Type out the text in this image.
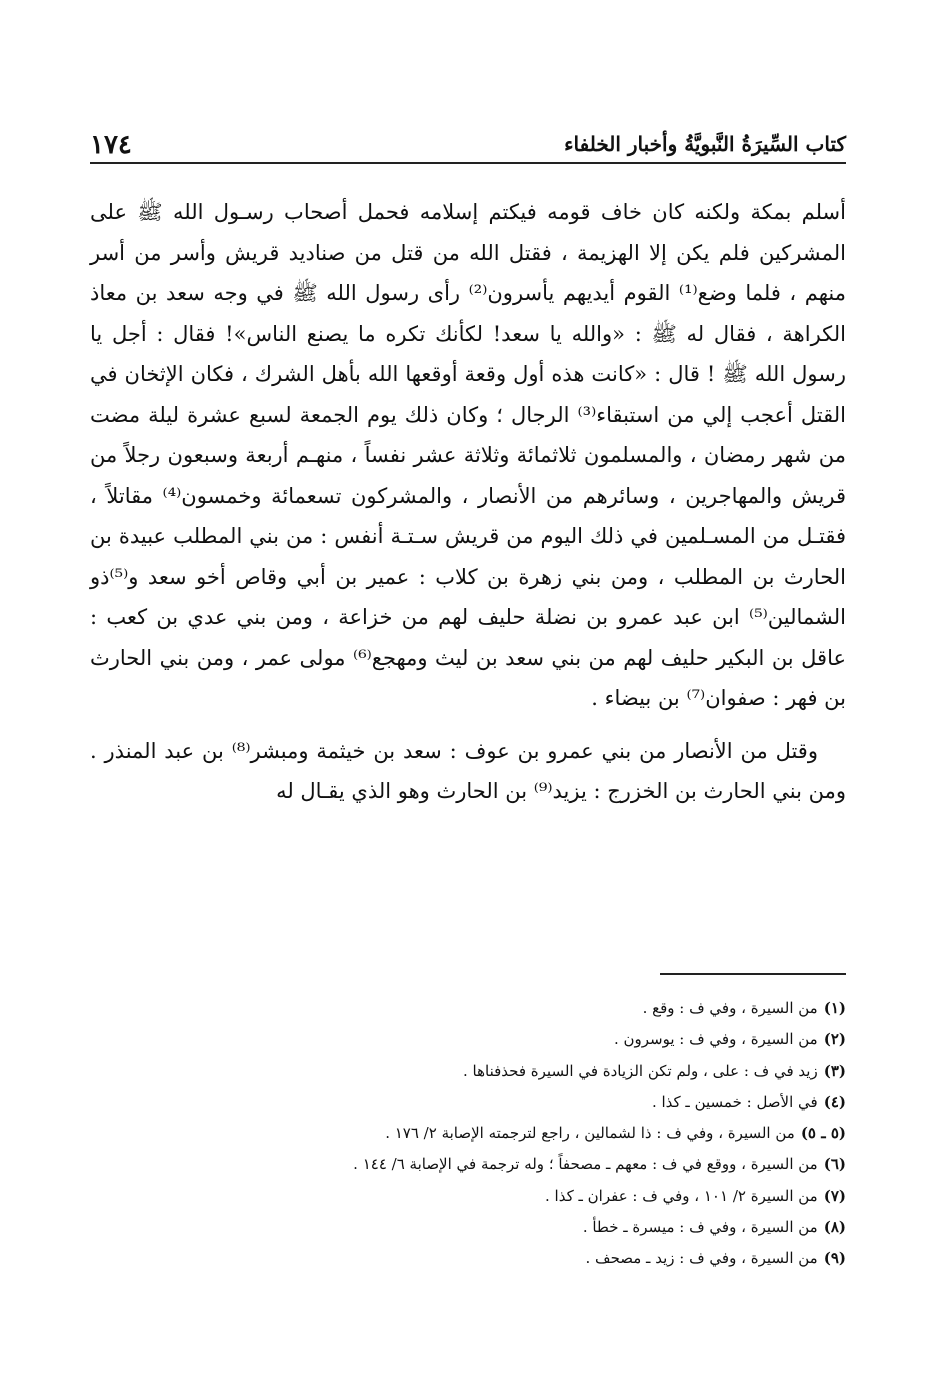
كتاب السِّيرَةُ النَّبويَّةُ وأخبار الخلفاء
١٧٤

أسلم بمكة ولكنه كان خاف قومه فيكتم إسلامه فحمل أصحاب رسـول الله ﷺ على المشركين فلم يكن إلا الهزيمة ، فقتل الله من قتل من صناديد قريش وأسر من أسر منهم ، فلما وضع⁽¹⁾ القوم أيديهم يأسرون⁽²⁾ رأى رسول الله ﷺ في وجه سعد بن معاذ الكراهة ، فقال له ﷺ : «والله يا سعد! لكأنك تكره ما يصنع الناس»! فقال : أجل يا رسول الله ﷺ ! قال : «كانت هذه أول وقعة أوقعها الله بأهل الشرك ، فكان الإثخان في القتل أعجب إلي من استبقاء⁽³⁾ الرجال ؛ وكان ذلك يوم الجمعة لسبع عشرة ليلة مضت من شهر رمضان ، والمسلمون ثلاثمائة وثلاثة عشر نفساً ، منهـم أربعة وسبعون رجلاً من قريش والمهاجرين ، وسائرهم من الأنصار ، والمشركون تسعمائة وخمسون⁽⁴⁾ مقاتلاً ، فقتـل من المسـلمين في ذلك اليوم من قريش سـتـة أنفس : من بني المطلب عبيدة بن الحارث بن المطلب ، ومن بني زهرة بن كلاب : عمير بن أبي وقاص أخو سعد و⁽⁵⁾ذو الشمالين⁽⁵⁾ ابن عبد عمرو بن نضلة حليف لهم من خزاعة ، ومن بني عدي بن كعب : عاقل بن البكير حليف لهم من بني سعد بن ليث ومهجع⁽⁶⁾ مولى عمر ، ومن بني الحارث بن فهر : صفوان⁽⁷⁾ بن بيضاء .

وقتل من الأنصار من بني عمرو بن عوف : سعد بن خيثمة ومبشر⁽⁸⁾ بن عبد المنذر . ومن بني الحارث بن الخزرج : يزيد⁽⁹⁾ بن الحارث وهو الذي يقـال له

(١)من السيرة ، وفي ف : وقع .
(٢)من السيرة ، وفي ف : يوسرون .
(٣)زيد في ف : على ، ولم تكن الزيادة في السيرة فحذفناها .
(٤)في الأصل : خمسين ـ كذا .
(٥ ـ ٥)من السيرة ، وفي ف : ذا لشمالين ، راجع لترجمته الإصابة ٢/ ١٧٦ .
(٦)من السيرة ، ووقع في ف : معهم ـ مصحفاً ؛ وله ترجمة في الإصابة ٦/ ١٤٤ .
(٧)من السيرة ٢/ ١٠١ ، وفي ف : عفران ـ كذا .
(٨)من السيرة ، وفي ف : ميسرة ـ خطأ .
(٩)من السيرة ، وفي ف : زيد ـ مصحف .
